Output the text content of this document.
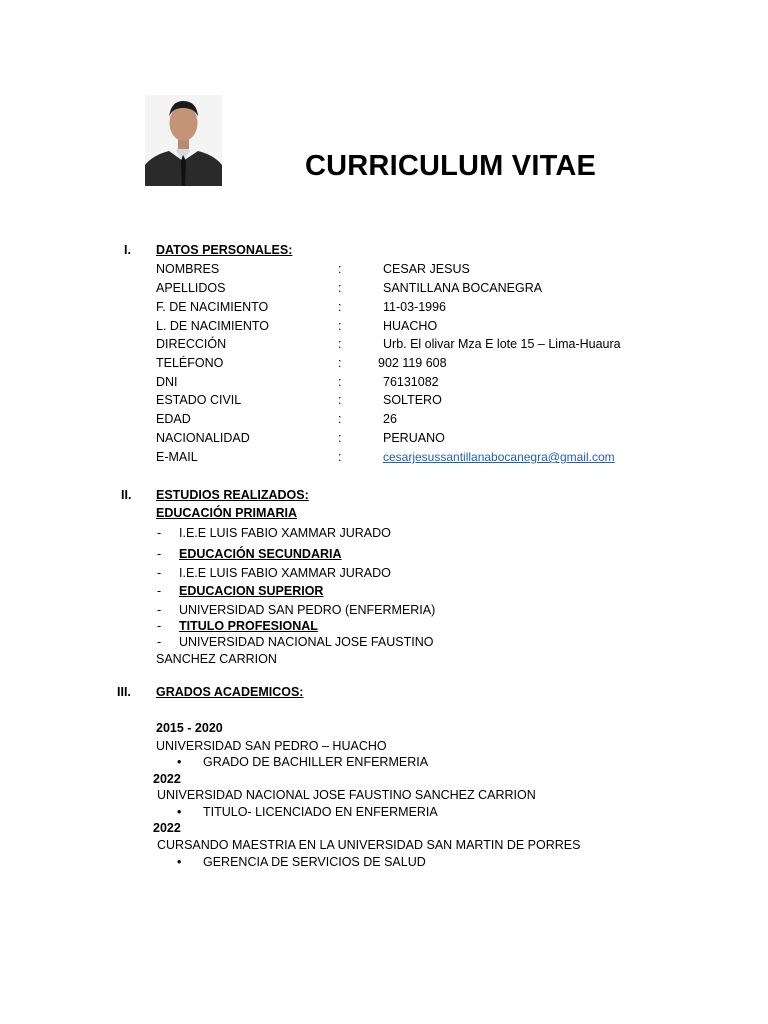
CURRICULUM VITAE
I. DATOS PERSONALES:
NOMBRES	:	CESAR JESUS
APELLIDOS	:	SANTILLANA BOCANEGRA
F. DE NACIMIENTO	:	11-03-1996
L. DE NACIMIENTO	:	HUACHO
DIRECCIÓN	:	Urb. El olivar Mza E lote 15 – Lima-Huaura
TELÉFONO	:	902 119 608
DNI	:	76131082
ESTADO CIVIL	:	SOLTERO
EDAD	:	26
NACIONALIDAD	:	PERUANO
E-MAIL	:	cesarjesussantillanabocanegra@gmail.com
II. ESTUDIOS REALIZADOS:
EDUCACIÓN PRIMARIA
- I.E.E LUIS FABIO XAMMAR JURADO
- EDUCACIÓN SECUNDARIA
- I.E.E LUIS FABIO XAMMAR JURADO
- EDUCACION SUPERIOR
- UNIVERSIDAD SAN PEDRO (ENFERMERIA)
- TITULO PROFESIONAL
- UNIVERSIDAD NACIONAL JOSE FAUSTINO
SANCHEZ CARRION
III. GRADOS ACADEMICOS:
2015 - 2020
UNIVERSIDAD SAN PEDRO – HUACHO
• GRADO DE BACHILLER ENFERMERIA
2022
UNIVERSIDAD NACIONAL JOSE FAUSTINO SANCHEZ CARRION
• TITULO- LICENCIADO EN ENFERMERIA
2022
CURSANDO MAESTRIA EN LA UNIVERSIDAD SAN MARTIN DE PORRES
• GERENCIA DE SERVICIOS DE SALUD
